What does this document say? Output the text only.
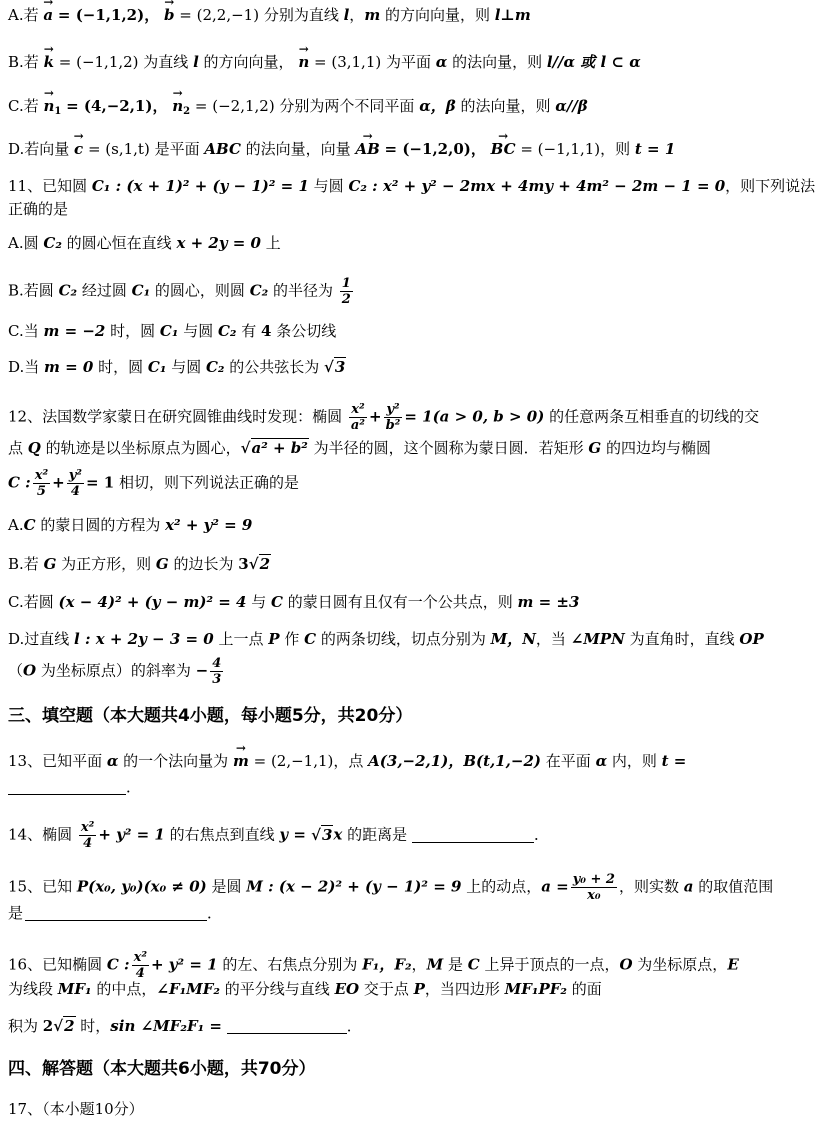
A.若 → a = (−1,1,2)， → b = (2,2,−1) 分别为直线 l，m 的方向向量，则 l⊥m
B.若 → k = (−1,1,2) 为直线 l 的方向向量， → n = (3,1,1) 为平面 α 的法向量，则 l//α 或 l ⊂ α
C.若 → $n_1 = (4,-2,1)$， → $n_2 = (-2,1,2)$ 分别为两个不同平面 α，β 的法向量，则 α//β
D.若向量 → c = (s,1,t) 是平面 ABC 的法向量，向量 → AB = (−1,2,0)， → BC = (−1,1,1)，则 t = 1
11、已知圆 C₁ : (x + 1)² + (y − 1)² = 1 与圆 C₂ : x² + y² − 2mx + 4my + 4m² − 2m − 1 = 0，则下列说法
正确的是
A.圆 C₂ 的圆心恒在直线 x + 2y = 0 上
B.若圆 C₂ 经过圆 C₁ 的圆心，则圆 C₂ 的半径为 $\frac{1}{2}$
C.当 m = −2 时，圆 C₁ 与圆 C₂ 有 4 条公切线
D.当 m = 0 时，圆 C₁ 与圆 C₂ 的公共弦长为 √3
12、法国数学家蒙日在研究圆锥曲线时发现：椭圆 $\frac{\text{x²}}{\text{a²}} + \frac{\text{y²}}{\text{b²}} = 1(a > 0$, b > 0) 的任意两条互相垂直的切线的交
点 Q 的轨迹是以坐标原点为圆心，√a² + b² 为半径的圆，这个圆称为蒙日圆．若矩形 G 的四边均与椭圆
C : $\frac{\text{x²}}{5} + \frac{\text{y²}}{4} = 1$ 相切，则下列说法正确的是
A.C 的蒙日圆的方程为 x² + y² = 9
B.若 G 为正方形，则 G 的边长为 3√2
C.若圆 (x − 4)² + (y − m)² = 4 与 C 的蒙日圆有且仅有一个公共点，则 m = ±3
D.过直线 l : x + 2y − 3 = 0 上一点 P 作 C 的两条切线，切点分别为 M，N，当 ∠MPN 为直角时，直线 OP
（O 为坐标原点）的斜率为 − $\frac{4}{3}$
三、填空题（本大题共4小题，每小题5分，共20分）
13、已知平面 α 的一个法向量为 → m = (2,−1,1)，点 A(3,−2,1)，B(t,1,−2) 在平面 α 内，则 t =
．
14、椭圆 $\frac{\text{x²}}{4} + y^2 = 1$ 的右焦点到直线 y = √3x 的距离是	．
15、已知 P(x₀, y₀)(x₀ ≠ 0) 是圆 M : (x − 2)² + (y − 1)² = 9 上的动点，$a = \frac{\text{y₀ + 2}}{\text{x₀}}$ ，则实数 a 的取值范围
是	．
16、已知椭圆 C : $\frac{\text{x²}}{4} + y^2 = 1$ 的左、右焦点分别为 F₁，F₂，M 是 C 上异于顶点的一点，O 为坐标原点，E
为线段 MF₁ 的中点，∠F₁MF₂ 的平分线与直线 EO 交于点 P，当四边形 MF₁PF₂ 的面
积为 2√2 时，sin ∠MF₂F₁ =	．
四、解答题（本大题共6小题，共70分）
17、（本小题10分）
